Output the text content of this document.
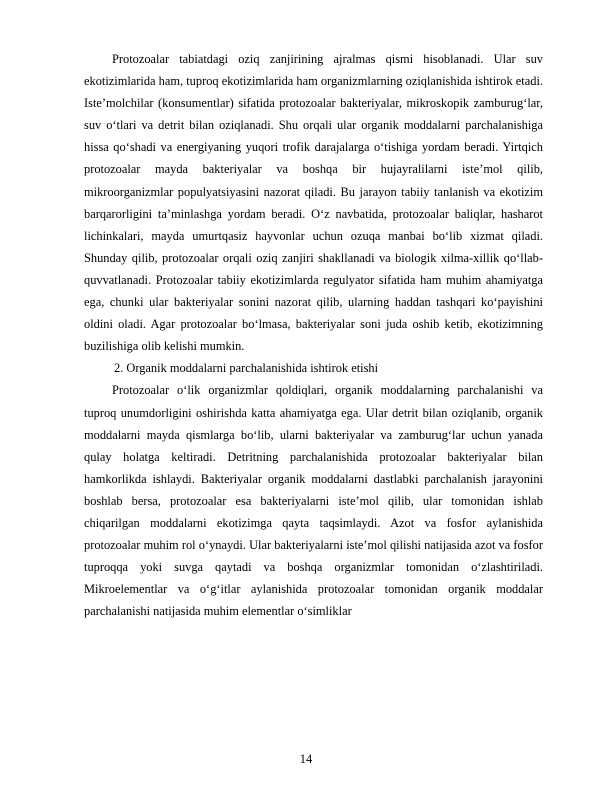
Protozoalar tabiatdagi oziq zanjirining ajralmas qismi hisoblanadi. Ular suv ekotizimlarida ham, tuproq ekotizimlarida ham organizmlarning oziqlanishida ishtirok etadi. Iste’molchilar (konsumentlar) sifatida protozoalar bakteriyalar, mikroskopik zamburug‘lar, suv o‘tlari va detrit bilan oziqlanadi. Shu orqali ular organik moddalarni parchalanishiga hissa qo‘shadi va energiyaning yuqori trofik darajalarga o‘tishiga yordam beradi. Yirtqich protozoalar mayda bakteriyalar va boshqa bir hujayralilarni iste’mol qilib, mikroorganizmlar populyatsiyasini nazorat qiladi. Bu jarayon tabiiy tanlanish va ekotizim barqarorligini ta’minlashga yordam beradi. O‘z navbatida, protozoalar baliqlar, hasharot lichinkalari, mayda umurtqasiz hayvonlar uchun ozuqa manbai bo‘lib xizmat qiladi. Shunday qilib, protozoalar orqali oziq zanjiri shakllanadi va biologik xilma-xillik qo‘llab-quvvatlanadi. Protozoalar tabiiy ekotizimlarda regulyator sifatida ham muhim ahamiyatga ega, chunki ular bakteriyalar sonini nazorat qilib, ularning haddan tashqari ko‘payishini oldini oladi. Agar protozoalar bo‘lmasa, bakteriyalar soni juda oshib ketib, ekotizimning buzilishiga olib kelishi mumkin.

2. Organik moddalarni parchalanishida ishtirok etishi

Protozoalar o‘lik organizmlar qoldiqlari, organik moddalarning parchalanishi va tuproq unumdorligini oshirishda katta ahamiyatga ega. Ular detrit bilan oziqlanib, organik moddalarni mayda qismlarga bo‘lib, ularni bakteriyalar va zamburug‘lar uchun yanada qulay holatga keltiradi. Detritning parchalanishida protozoalar bakteriyalar bilan hamkorlikda ishlaydi. Bakteriyalar organik moddalarni dastlabki parchalanish jarayonini boshlab bersa, protozoalar esa bakteriyalarni iste’mol qilib, ular tomonidan ishlab chiqarilgan moddalarni ekotizimga qayta taqsimlaydi. Azot va fosfor aylanishida protozoalar muhim rol o‘ynaydi. Ular bakteriyalarni iste’mol qilishi natijasida azot va fosfor tuproqqa yoki suvga qaytadi va boshqa organizmlar tomonidan o‘zlashtiriladi. Mikroelementlar va o‘g‘itlar aylanishida protozoalar tomonidan organik moddalar parchalanishi natijasida muhim elementlar o‘simliklar

14
